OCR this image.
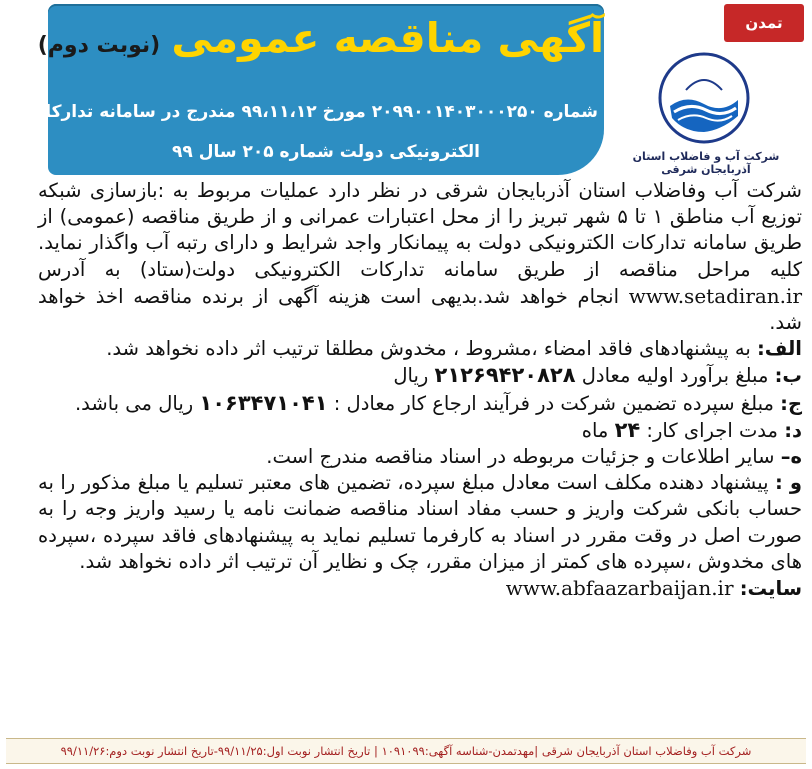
تمدن
آگهی مناقصه عمومی (نوبت دوم)
شماره ۲۰۹۹۰۰۱۴۰۳۰۰۰۲۵۰ مورخ ۹۹،۱۱،۱۲ مندرج در سامانه تدارکات
الکترونیکی دولت شماره ۲۰۵ سال ۹۹	شرکت آب و فاضلاب استان آذربایجان شرقی

شرکت آب وفاضلاب استان آذربایجان شرقی در نظر دارد عملیات مربوط به :بازسازی شبکه توزیع آب مناطق ۱ تا ۵ شهر تبریز را از محل اعتبارات عمرانی و از طریق مناقصه (عمومی) از طریق سامانه تدارکات الکترونیکی دولت به پیمانکار واجد شرایط و دارای رتبه آب واگذار نماید. کلیه مراحل مناقصه از طریق سامانه تدارکات الکترونیکی دولت(ستاد) به آدرس www.setadiran.ir انجام خواهد شد.بدیهی است هزینه آگهی از برنده مناقصه اخذ خواهد شد.

الف: به پیشنهادهای فاقد امضاء ،مشروط ، مخدوش مطلقا ترتیب اثر داده نخواهد شد.

ب: مبلغ برآورد اولیه معادل ۲۱۲۶۹۴۲۰۸۲۸ ریال

ج: مبلغ سپرده تضمین شرکت در فرآیند ارجاع کار معادل : ۱۰۶۳۴۷۱۰۴۱ ریال می باشد.

د: مدت اجرای کار: ۲۴ ماه

ه– سایر اطلاعات و جزئیات مربوطه در اسناد مناقصه مندرج است.

و : پیشنهاد دهنده مکلف است معادل مبلغ سپرده، تضمین های معتبر تسلیم یا مبلغ مذکور را به حساب بانکی شرکت واریز و حسب مفاد اسناد مناقصه ضمانت نامه یا رسید واریز وجه را به صورت اصل در وقت مقرر در اسناد به کارفرما تسلیم نماید به پیشنهادهای فاقد سپرده ،سپرده های مخدوش ،سپرده های کمتر از میزان مقرر، چک و نظایر آن ترتیب اثر داده نخواهد شد.

سایت: www.abfaazarbaijan.ir

شرکت آب وفاضلاب استان آذربایجان شرقی |مهدتمدن-شناسه آگهی:۱۰۹۱۰۹۹ | تاریخ انتشار نوبت اول:۹۹/۱۱/۲۵-تاریخ انتشار نوبت دوم:۹۹/۱۱/۲۶
